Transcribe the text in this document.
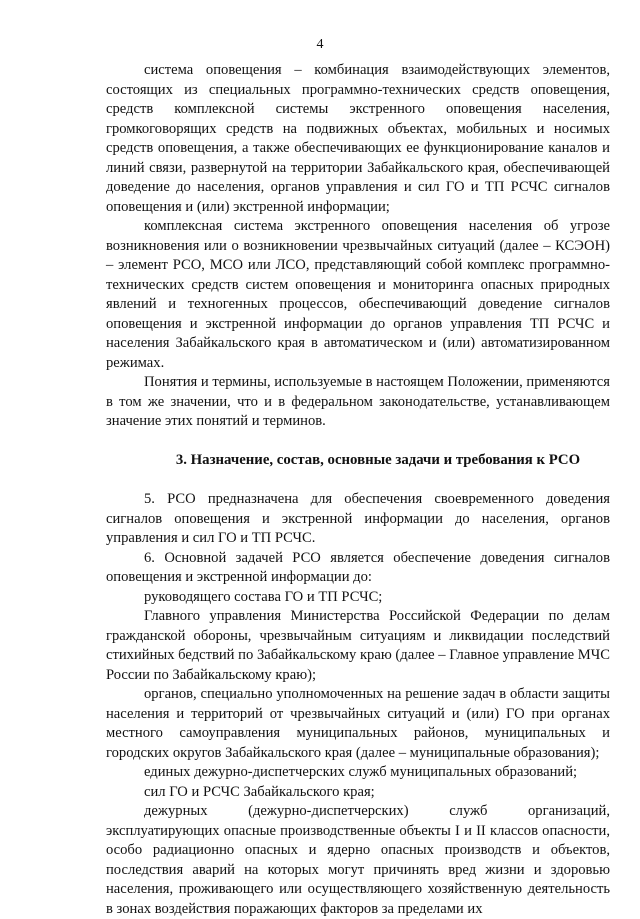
4

система оповещения – комбинация взаимодействующих элементов, состоящих из специальных программно-технических средств оповещения, средств комплексной системы экстренного оповещения населения, громкоговорящих средств на подвижных объектах, мобильных и носимых средств оповещения, а также обеспечивающих ее функционирование каналов и линий связи, развернутой на территории Забайкальского края, обеспечивающей доведение до населения, органов управления и сил ГО и ТП РСЧС сигналов оповещения и (или) экстренной информации;

комплексная система экстренного оповещения населения об угрозе возникновения или о возникновении чрезвычайных ситуаций (далее – КСЭОН) – элемент РСО, МСО или ЛСО, представляющий собой комплекс программно-технических средств систем оповещения и мониторинга опасных природных явлений и техногенных процессов, обеспечивающий доведение сигналов оповещения и экстренной информации до органов управления ТП РСЧС и населения Забайкальского края в автоматическом и (или) автоматизированном режимах.

Понятия и термины, используемые в настоящем Положении, применяются в том же значении, что и в федеральном законодательстве, устанавливающем значение этих понятий и терминов.

3. Назначение, состав, основные задачи и требования к РСО

5. РСО предназначена для обеспечения своевременного доведения сигналов оповещения и экстренной информации до населения, органов управления и сил ГО и ТП РСЧС.

6. Основной задачей РСО является обеспечение доведения сигналов оповещения и экстренной информации до:

руководящего состава ГО и ТП РСЧС;

Главного управления Министерства Российской Федерации по делам гражданской обороны, чрезвычайным ситуациям и ликвидации последствий стихийных бедствий по Забайкальскому краю (далее – Главное управление МЧС России по Забайкальскому краю);

органов, специально уполномоченных на решение задач в области защиты населения и территорий от чрезвычайных ситуаций и (или) ГО при органах местного самоуправления муниципальных районов, муниципальных и городских округов Забайкальского края (далее – муниципальные образования);

единых дежурно-диспетчерских служб муниципальных образований;

сил ГО и РСЧС Забайкальского края;

дежурных (дежурно-диспетчерских) служб организаций, эксплуатирующих опасные производственные объекты I и II классов опасности, особо радиационно опасных и ядерно опасных производств и объектов, последствия аварий на которых могут причинять вред жизни и здоровью населения, проживающего или осуществляющего хозяйственную деятельность в зонах воздействия поражающих факторов за пределами их
